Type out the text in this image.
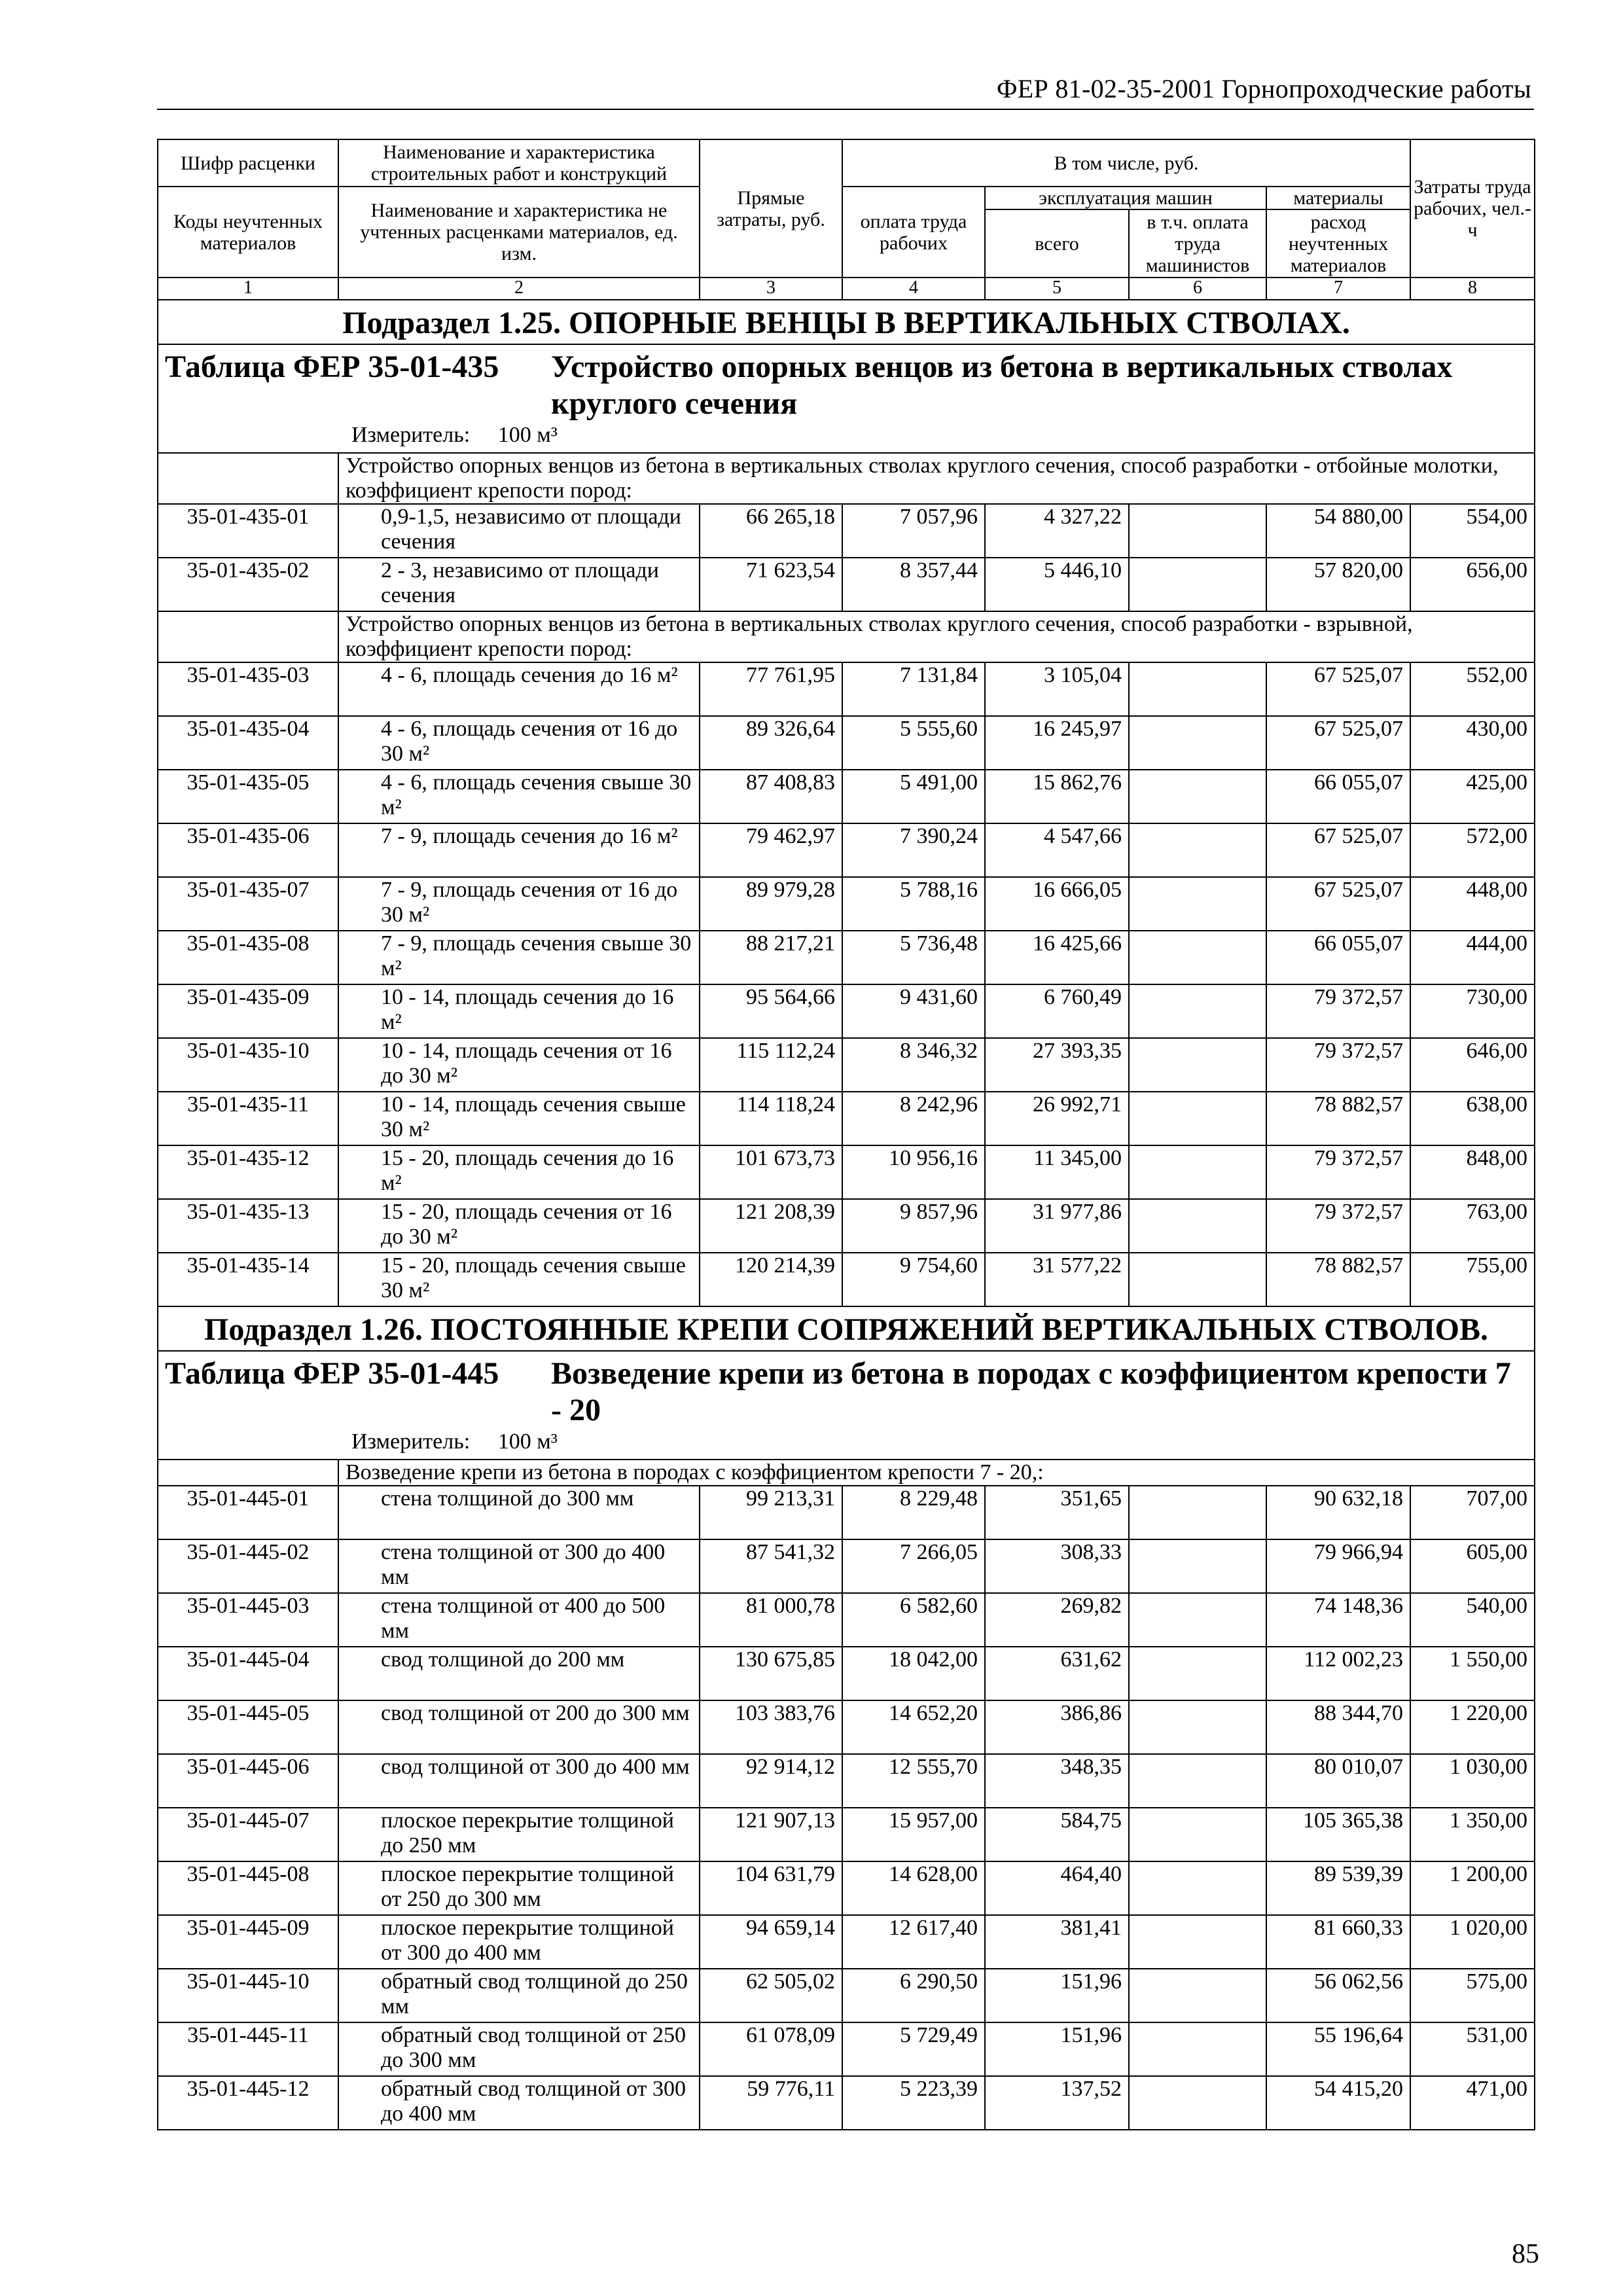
ФЕР 81-02-35-2001 Горнопроходческие работы
Шифр расценки	Наименование и характеристика строительных работ и конструкций	Прямые затраты, руб.	В том числе, руб.				Затраты труда рабочих, чел.-ч
Коды неучтенных материалов	Наименование и характеристика не учтенных расценками материалов, ед. изм.						
			оплата труда рабочих	эксплуатация машин		материалы	
				всего	в т.ч. оплата труда машинистов	расход неучтенных материалов	
1	2	3	4	5	6	7	8
Подраздел 1.25. ОПОРНЫЕ ВЕНЦЫ В ВЕРТИКАЛЬНЫХ СТВОЛАХ.							

Таблица ФЕР 35-01-435 Устройство опорных венцов из бетона в вертикальных стволах круглого сечения
Измеритель: 100 м³							

	Устройство опорных венцов из бетона в вертикальных стволах круглого сечения, способ разработки - отбойные молотки, коэффициент крепости пород:						
35-01-435-01	0,9-1,5, независимо от площади сечения	66 265,18	7 057,96	4 327,22		54 880,00	554,00
35-01-435-02	2 - 3, независимо от площади сечения	71 623,54	8 357,44	5 446,10		57 820,00	656,00
	Устройство опорных венцов из бетона в вертикальных стволах круглого сечения, способ разработки - взрывной, коэффициент крепости пород:						
35-01-435-03	4 - 6, площадь сечения до 16 м²	77 761,95	7 131,84	3 105,04		67 525,07	552,00
35-01-435-04	4 - 6, площадь сечения от 16 до 30 м²	89 326,64	5 555,60	16 245,97		67 525,07	430,00
35-01-435-05	4 - 6, площадь сечения свыше 30 м²	87 408,83	5 491,00	15 862,76		66 055,07	425,00
35-01-435-06	7 - 9, площадь сечения до 16 м²	79 462,97	7 390,24	4 547,66		67 525,07	572,00
35-01-435-07	7 - 9, площадь сечения от 16 до 30 м²	89 979,28	5 788,16	16 666,05		67 525,07	448,00
35-01-435-08	7 - 9, площадь сечения свыше 30 м²	88 217,21	5 736,48	16 425,66		66 055,07	444,00
35-01-435-09	10 - 14, площадь сечения до 16 м²	95 564,66	9 431,60	6 760,49		79 372,57	730,00
35-01-435-10	10 - 14, площадь сечения от 16 до 30 м²	115 112,24	8 346,32	27 393,35		79 372,57	646,00
35-01-435-11	10 - 14, площадь сечения свыше 30 м²	114 118,24	8 242,96	26 992,71		78 882,57	638,00
35-01-435-12	15 - 20, площадь сечения до 16 м²	101 673,73	10 956,16	11 345,00		79 372,57	848,00
35-01-435-13	15 - 20, площадь сечения от 16 до 30 м²	121 208,39	9 857,96	31 977,86		79 372,57	763,00
35-01-435-14	15 - 20, площадь сечения свыше 30 м²	120 214,39	9 754,60	31 577,22		78 882,57	755,00
Подраздел 1.26. ПОСТОЯННЫЕ КРЕПИ СОПРЯЖЕНИЙ ВЕРТИКАЛЬНЫХ СТВОЛОВ.							

Таблица ФЕР 35-01-445 Возведение крепи из бетона в породах с коэффициентом крепости 7 - 20
Измеритель: 100 м³							

	Возведение крепи из бетона в породах с коэффициентом крепости 7 - 20,:						
35-01-445-01	стена толщиной до 300 мм	99 213,31	8 229,48	351,65		90 632,18	707,00
35-01-445-02	стена толщиной от 300 до 400 мм	87 541,32	7 266,05	308,33		79 966,94	605,00
35-01-445-03	стена толщиной от 400 до 500 мм	81 000,78	6 582,60	269,82		74 148,36	540,00
35-01-445-04	свод толщиной до 200 мм	130 675,85	18 042,00	631,62		112 002,23	1 550,00
35-01-445-05	свод толщиной от 200 до 300 мм	103 383,76	14 652,20	386,86		88 344,70	1 220,00
35-01-445-06	свод толщиной от 300 до 400 мм	92 914,12	12 555,70	348,35		80 010,07	1 030,00
35-01-445-07	плоское перекрытие толщиной до 250 мм	121 907,13	15 957,00	584,75		105 365,38	1 350,00
35-01-445-08	плоское перекрытие толщиной от 250 до 300 мм	104 631,79	14 628,00	464,40		89 539,39	1 200,00
35-01-445-09	плоское перекрытие толщиной от 300 до 400 мм	94 659,14	12 617,40	381,41		81 660,33	1 020,00
35-01-445-10	обратный свод толщиной до 250 мм	62 505,02	6 290,50	151,96		56 062,56	575,00
35-01-445-11	обратный свод толщиной от 250 до 300 мм	61 078,09	5 729,49	151,96		55 196,64	531,00
35-01-445-12	обратный свод толщиной от 300 до 400 мм	59 776,11	5 223,39	137,52		54 415,20	471,00
85
